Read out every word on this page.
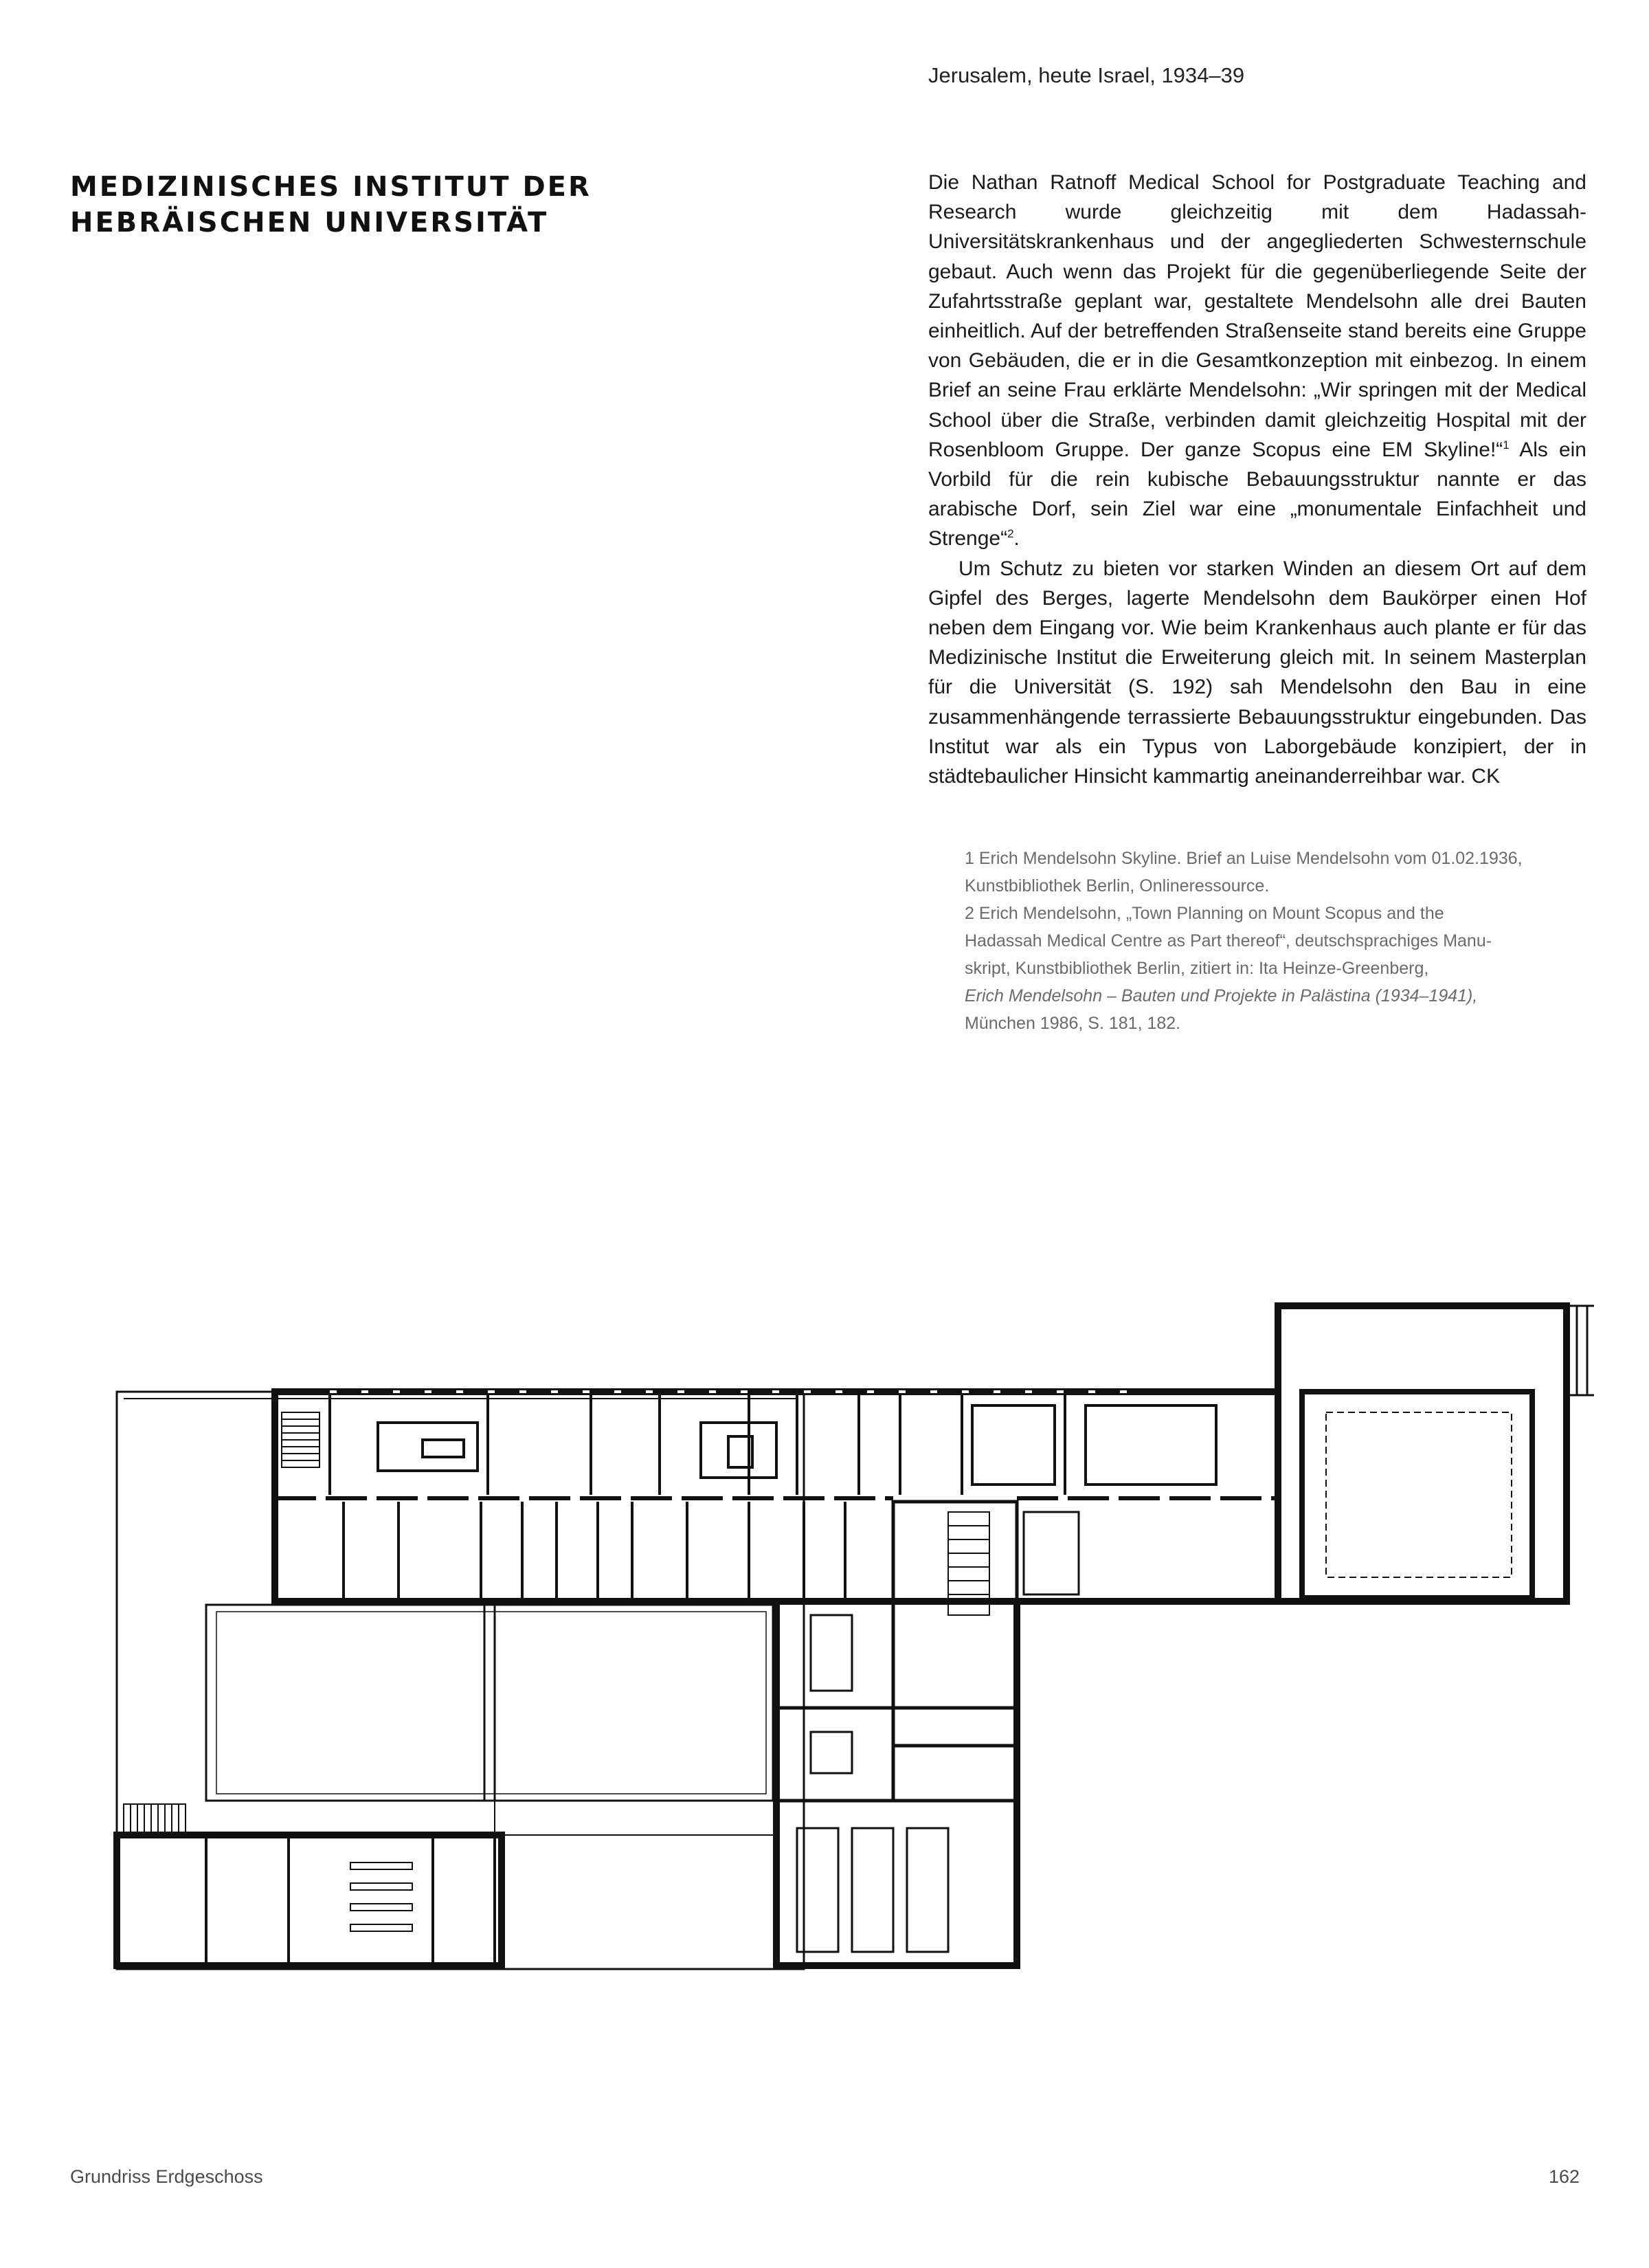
Jerusalem, heute Israel, 1934–39
MEDIZINISCHES INSTITUT DER
HEBRÄISCHEN UNIVERSITÄT

Die Nathan Ratnoff Medical School for Postgraduate Teaching and Research wurde gleichzeitig mit dem Hadassah-Universitätskrankenhaus und der angegliederten Schwesternschule gebaut. Auch wenn das Projekt für die gegenüberliegende Seite der Zufahrtsstraße geplant war, gestaltete Mendelsohn alle drei Bauten einheitlich. Auf der betreffenden Straßenseite stand bereits eine Gruppe von Gebäuden, die er in die Gesamtkonzeption mit einbezog. In einem Brief an seine Frau erklärte Mendelsohn: „Wir springen mit der Medical School über die Straße, verbinden damit gleichzeitig Hospital mit der Rosenbloom Gruppe. Der ganze Scopus eine EM Skyline!“$^1$ Als ein Vorbild für die rein kubische Bebauungsstruktur nannte er das arabische Dorf, sein Ziel war eine „monumentale Einfachheit und Strenge“$^2$.

Um Schutz zu bieten vor starken Winden an diesem Ort auf dem Gipfel des Berges, lagerte Mendelsohn dem Baukörper einen Hof neben dem Eingang vor. Wie beim Krankenhaus auch plante er für das Medizinische Institut die Erweiterung gleich mit. In seinem Masterplan für die Universität (S. 192) sah Mendelsohn den Bau in eine zusammenhängende terrassierte Bebauungsstruktur eingebunden. Das Institut war als ein Typus von Laborgebäude konzipiert, der in städtebaulicher Hinsicht kammartig aneinanderreihbar war. CK

1 Erich Mendelsohn Skyline. Brief an Luise Mendelsohn vom 01.02.1936,

Kunstbibliothek Berlin, Onlineressource.

2 Erich Mendelsohn, „Town Planning on Mount Scopus and the

Hadassah Medical Centre as Part thereof“, deutschsprachiges Manu-

skript, Kunstbibliothek Berlin, zitiert in: Ita Heinze-Greenberg,

Erich Mendelsohn – Bauten und Projekte in Palästina (1934–1941),

München 1986, S. 181, 182.

Grundriss Erdgeschoss	162
